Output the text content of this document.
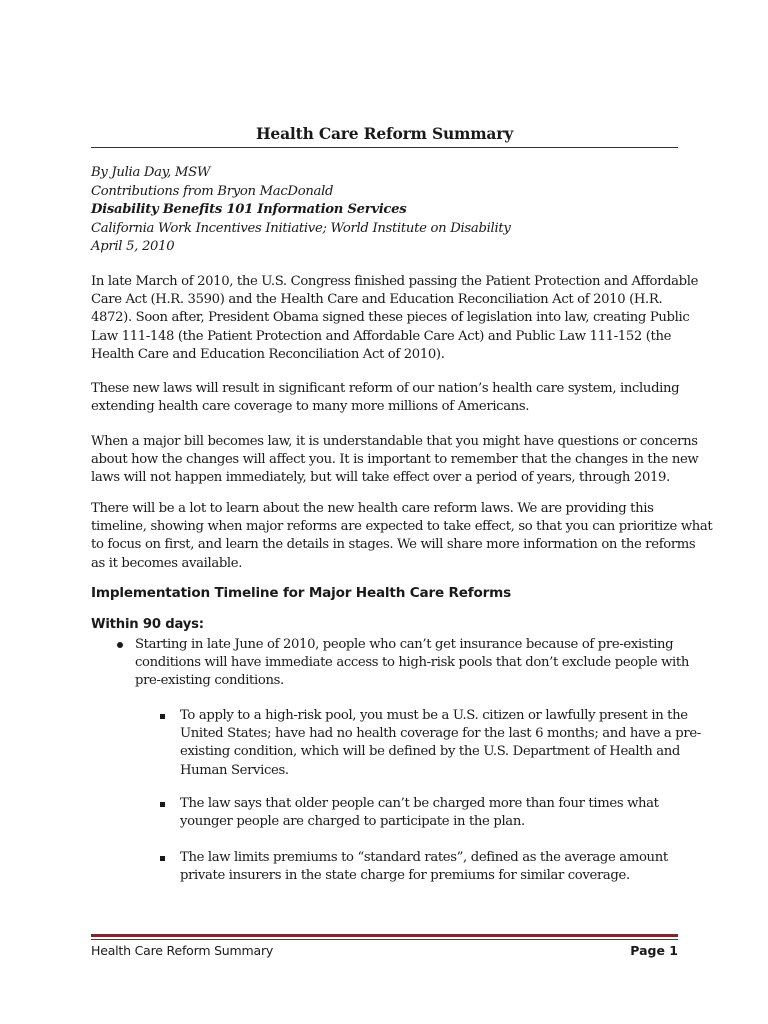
Health Care Reform Summary
By Julia Day, MSW
Contributions from Bryon MacDonald
Disability Benefits 101 Information Services
California Work Incentives Initiative; World Institute on Disability
April 5, 2010
In late March of 2010, the U.S. Congress finished passing the Patient Protection and Affordable
Care Act (H.R. 3590) and the Health Care and Education Reconciliation Act of 2010 (H.R.
4872). Soon after, President Obama signed these pieces of legislation into law, creating Public
Law 111-148 (the Patient Protection and Affordable Care Act) and Public Law 111-152 (the
Health Care and Education Reconciliation Act of 2010).
These new laws will result in significant reform of our nation’s health care system, including
extending health care coverage to many more millions of Americans.
When a major bill becomes law, it is understandable that you might have questions or concerns
about how the changes will affect you. It is important to remember that the changes in the new
laws will not happen immediately, but will take effect over a period of years, through 2019.
There will be a lot to learn about the new health care reform laws. We are providing this
timeline, showing when major reforms are expected to take effect, so that you can prioritize what
to focus on first, and learn the details in stages. We will share more information on the reforms
as it becomes available.
Implementation Timeline for Major Health Care Reforms
Within 90 days:
Starting in late June of 2010, people who can’t get insurance because of pre-existing
conditions will have immediate access to high-risk pools that don’t exclude people with
pre-existing conditions.
To apply to a high-risk pool, you must be a U.S. citizen or lawfully present in the
United States; have had no health coverage for the last 6 months; and have a pre-
existing condition, which will be defined by the U.S. Department of Health and
Human Services.
The law says that older people can’t be charged more than four times what
younger people are charged to participate in the plan.
The law limits premiums to “standard rates”, defined as the average amount
private insurers in the state charge for premiums for similar coverage.
Health Care Reform Summary	Page 1
